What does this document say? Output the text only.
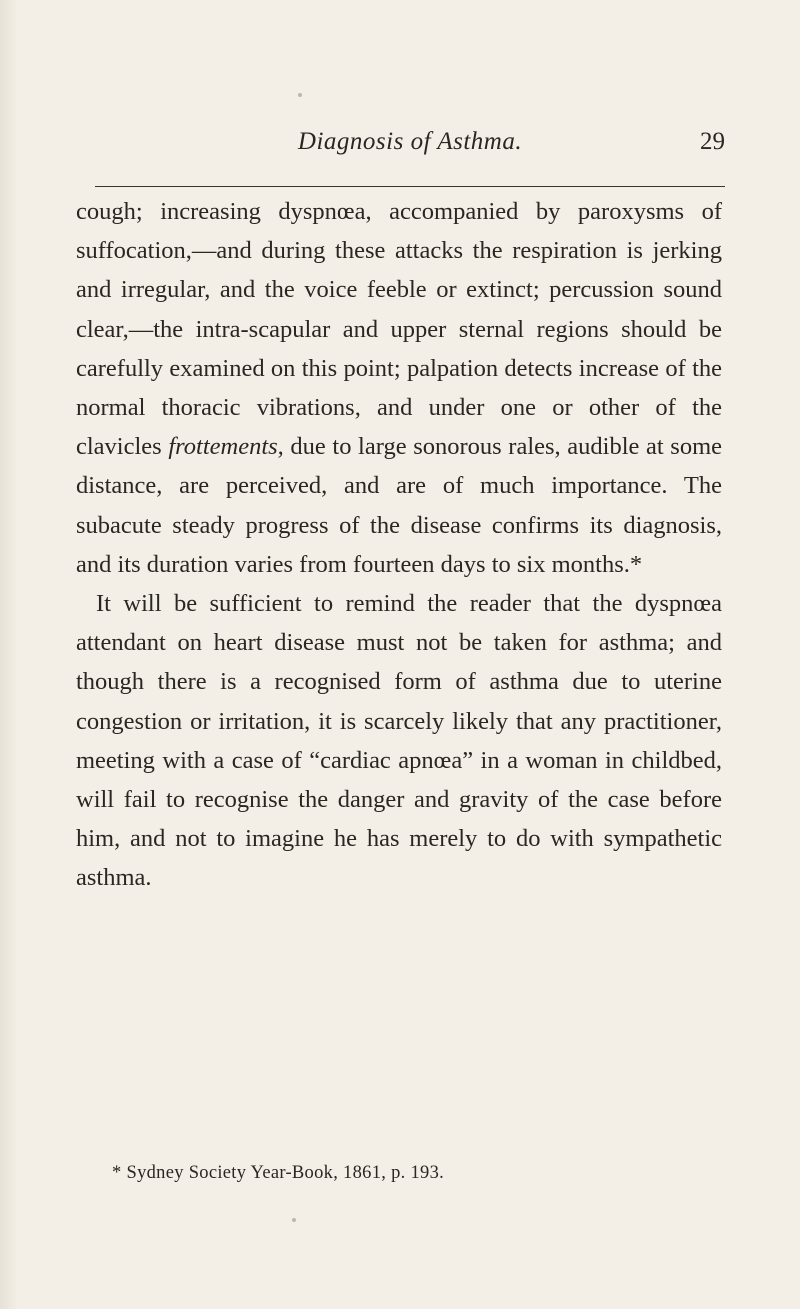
Diagnosis of Asthma.	29

cough; increasing dyspnœa, accompanied by paroxysms of suffocation,—and during these attacks the respiration is jerking and irregular, and the voice feeble or extinct; percussion sound clear,—the intra-scapular and upper sternal regions should be carefully examined on this point; palpation detects increase of the normal thoracic vibrations, and under one or other of the clavicles frottements, due to large sonorous rales, audible at some distance, are perceived, and are of much importance. The subacute steady progress of the disease confirms its diagnosis, and its duration varies from fourteen days to six months.*

It will be sufficient to remind the reader that the dyspnœa attendant on heart disease must not be taken for asthma; and though there is a recognised form of asthma due to uterine congestion or irritation, it is scarcely likely that any practitioner, meeting with a case of “cardiac apnœa” in a woman in childbed, will fail to recognise the danger and gravity of the case before him, and not to imagine he has merely to do with sympathetic asthma.

* Sydney Society Year-Book, 1861, p. 193.
